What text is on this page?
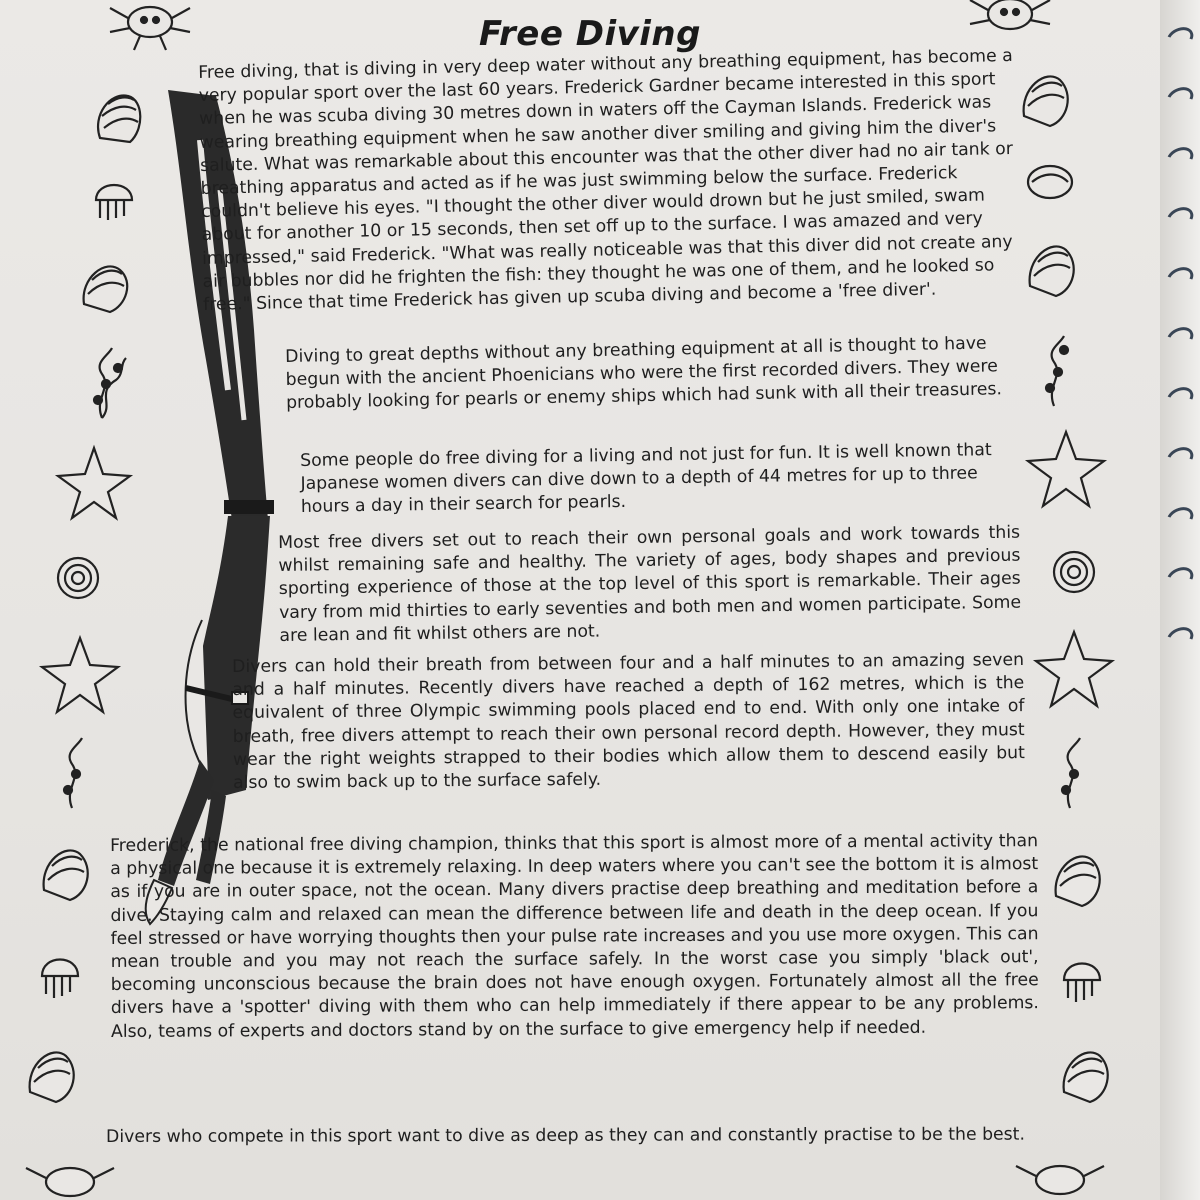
Free Diving

Free diving, that is diving in very deep water without any breathing equipment, has become a very popular sport over the last 60 years. Frederick Gardner became interested in this sport when he was scuba diving 30 metres down in waters off the Cayman Islands. Frederick was wearing breathing equipment when he saw another diver smiling and giving him the diver's salute. What was remarkable about this encounter was that the other diver had no air tank or breathing apparatus and acted as if he was just swimming below the surface. Frederick couldn't believe his eyes. "I thought the other diver would drown but he just smiled, swam about for another 10 or 15 seconds, then set off up to the surface. I was amazed and very impressed," said Frederick. "What was really noticeable was that this diver did not create any air bubbles nor did he frighten the fish: they thought he was one of them, and he looked so free." Since that time Frederick has given up scuba diving and become a 'free diver'.

Diving to great depths without any breathing equipment at all is thought to have begun with the ancient Phoenicians who were the first recorded divers. They were probably looking for pearls or enemy ships which had sunk with all their treasures.

Some people do free diving for a living and not just for fun. It is well known that Japanese women divers can dive down to a depth of 44 metres for up to three hours a day in their search for pearls.

Most free divers set out to reach their own personal goals and work towards this whilst remaining safe and healthy. The variety of ages, body shapes and previous sporting experience of those at the top level of this sport is remarkable. Their ages vary from mid thirties to early seventies and both men and women participate. Some are lean and fit whilst others are not.

Divers can hold their breath from between four and a half minutes to an amazing seven and a half minutes. Recently divers have reached a depth of 162 metres, which is the equivalent of three Olympic swimming pools placed end to end. With only one intake of breath, free divers attempt to reach their own personal record depth. However, they must wear the right weights strapped to their bodies which allow them to descend easily but also to swim back up to the surface safely.

Frederick, the national free diving champion, thinks that this sport is almost more of a mental activity than a physical one because it is extremely relaxing. In deep waters where you can't see the bottom it is almost as if you are in outer space, not the ocean. Many divers practise deep breathing and meditation before a dive. Staying calm and relaxed can mean the difference between life and death in the deep ocean. If you feel stressed or have worrying thoughts then your pulse rate increases and you use more oxygen. This can mean trouble and you may not reach the surface safely. In the worst case you simply 'black out', becoming unconscious because the brain does not have enough oxygen. Fortunately almost all the free divers have a 'spotter' diving with them who can help immediately if there appear to be any problems. Also, teams of experts and doctors stand by on the surface to give emergency help if needed.

Divers who compete in this sport want to dive as deep as they can and constantly practise to be the best.
